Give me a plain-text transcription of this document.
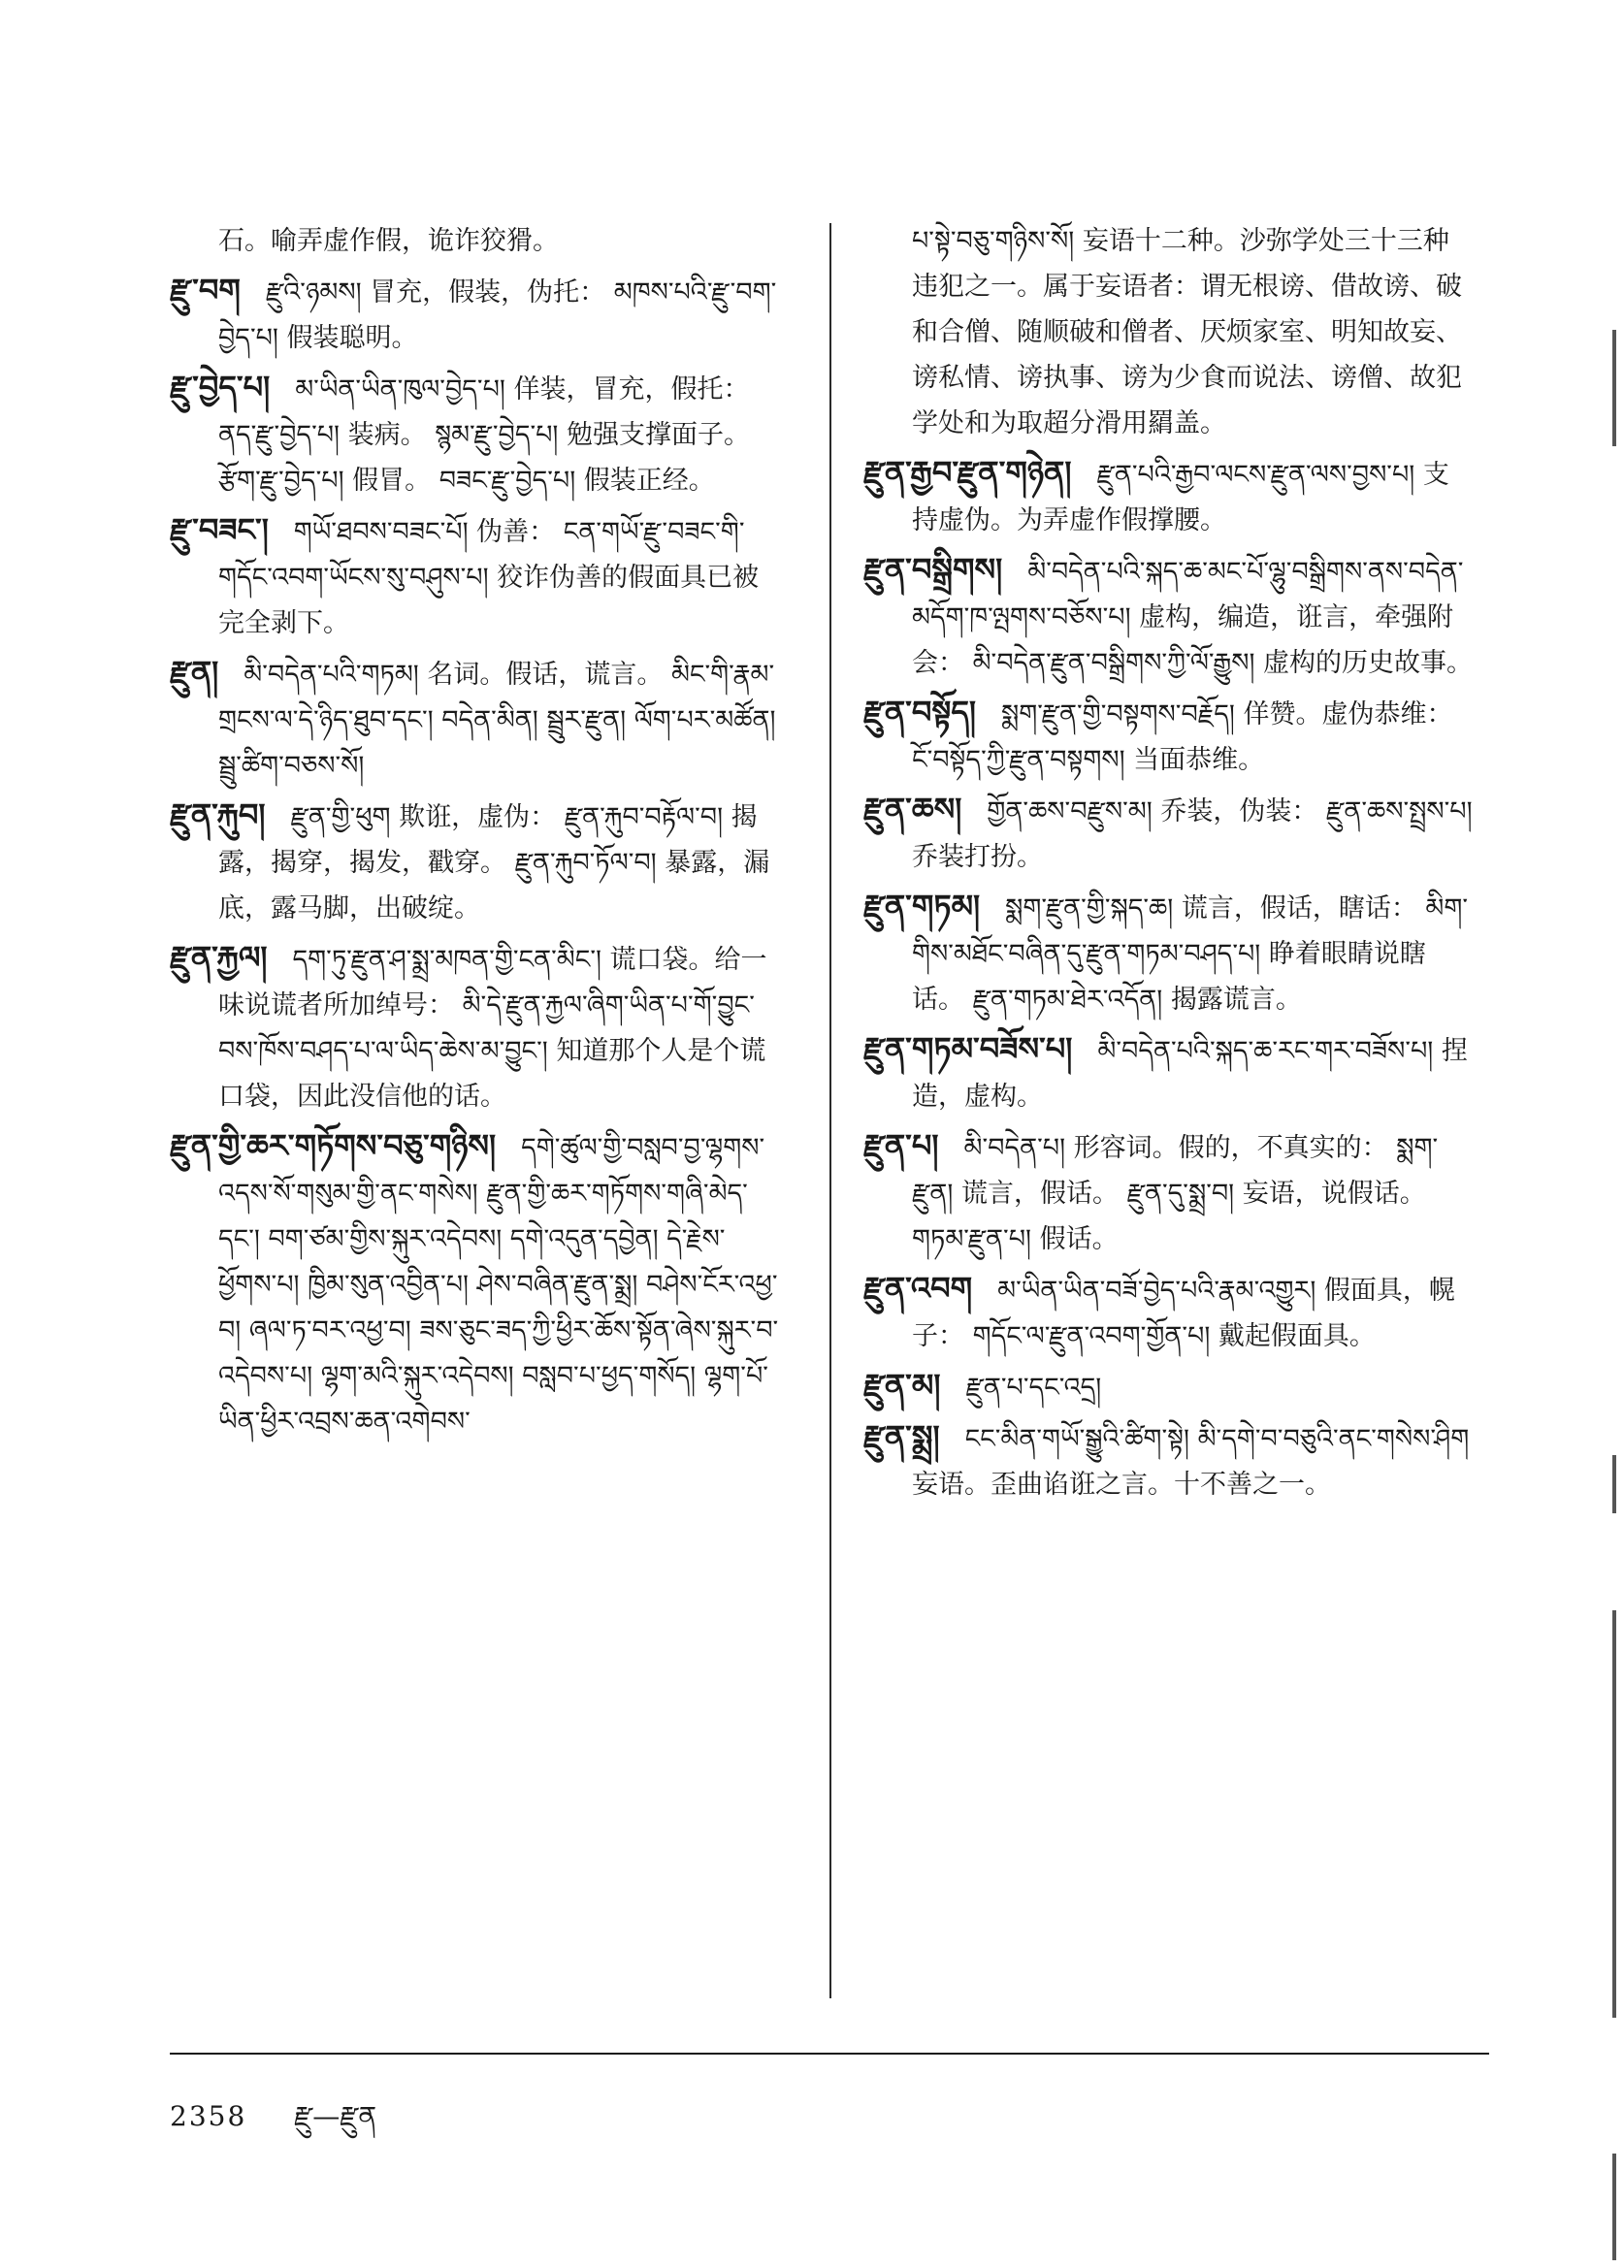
石。喻弄虚作假，诡诈狡猾。
རྫུ་བག རྫུའི་ཉམས། 冒充，假装，伪托： མཁས་པའི་རྫུ་བག་བྱེད་པ། 假装聪明。
རྫུ་བྱེད་པ། མ་ཡིན་ཡིན་ཁུལ་བྱེད་པ། 佯装，冒充，假托： ནད་རྫུ་བྱེད་པ། 装病。 སྙམ་རྫུ་བྱེད་པ། 勉强支撑面子。 རྩོག་རྫུ་བྱེད་པ། 假冒。 བཟང་རྫུ་བྱེད་པ། 假装正经。
རྫུ་བཟང་། གཡོ་ཐབས་བཟང་པོ། 伪善： ངན་གཡོ་རྫུ་བཟང་གི་གདོང་འབག་ཡོངས་སུ་བཤུས་པ། 狡诈伪善的假面具已被完全剥下。
རྫུན། མི་བདེན་པའི་གཏམ། 名词。假话，谎言。 མིང་གི་རྣམ་གྲངས་ལ་དེ་ཉིད་ཐུབ་དང་། བདེན་མིན། སྦྲུར་རྫུན། ལོག་པར་མཚོན། སྦྲུ་ཚིག་བཅས་སོ།
རྫུན་རྐུབ། རྫུན་གྱི་ཕུག 欺诳，虚伪： རྫུན་རྐུབ་བརྟོལ་བ། 揭露，揭穿，揭发，戳穿。 རྫུན་རྐུབ་ཏོལ་བ། 暴露，漏底，露马脚，出破绽。
རྫུན་རྐྱལ། དག་ཏུ་རྫུན་ཤ་སྨྲ་མཁན་གྱི་ངན་མིང་། 谎口袋。给一味说谎者所加绰号： མི་དེ་རྫུན་རྐྱལ་ཞིག་ཡིན་པ་གོ་བྱུང་བས་ཁོས་བཤད་པ་ལ་ཡིད་ཆེས་མ་བྱུང་། 知道那个人是个谎口袋，因此没信他的话。
རྫུན་གྱི་ཆར་གཏོགས་བཅུ་གཉིས། དགེ་ཚུལ་གྱི་བསླབ་བྱ་ལྷགས་འདས་སོ་གསུམ་གྱི་ནང་གསེས། རྫུན་གྱི་ཆར་གཏོགས་གཞི་མེད་དང་། བག་ཙམ་གྱིས་སྐུར་འདེབས། དགེ་འདུན་དབྱེན། དེ་རྗེས་ཕྱོགས་པ། ཁྱིམ་སུན་འབྱིན་པ། ཤེས་བཞིན་རྫུན་སྨྲ། བཤེས་ངོར་འཕྱ་བ། ཞལ་ཏ་བར་འཕྱ་བ། ཟས་ཅུང་ཟད་ཀྱི་ཕྱིར་ཆོས་སྟོན་ཞེས་སྐུར་བ་འདེབས་པ། ལྷག་མའི་སྐུར་འདེབས། བསླབ་པ་ཕྱད་གསོད། ལྷག་པོ་ཡིན་ཕྱིར་འབྲས་ཆན་འགེབས་
པ་སྟེ་བཅུ་གཉིས་སོ། 妄语十二种。沙弥学处三十三种违犯之一。属于妄语者：谓无根谤、借故谤、破和合僧、随顺破和僧者、厌烦家室、明知故妄、谤私情、谤执事、谤为少食而说法、谤僧、故犯学处和为取超分滑用羂盖。
རྫུན་རྒྱབ་རྫུན་གཉེན། རྫུན་པའི་རྒྱབ་ལངས་རྫུན་ལས་བྱས་པ། 支持虚伪。为弄虚作假撑腰。
རྫུན་བསྒྲིགས། མི་བདེན་པའི་སྐད་ཆ་མང་པོ་ལྷུ་བསྒྲིགས་ནས་བདེན་མདོག་ཁ་ལྤགས་བཅོས་པ། 虚构，编造，诳言，牵强附会： མི་བདེན་རྫུན་བསྒྲིགས་ཀྱི་ལོ་རྒྱུས། 虚构的历史故事。
རྫུན་བསྟོད། སྨག་རྫུན་གྱི་བསྟགས་བརྗོད། 佯赞。虚伪恭维： ངོ་བསྟོད་ཀྱི་རྫུན་བསྟགས། 当面恭维。
རྫུན་ཆས། གྱོན་ཆས་བརྫུས་མ། 乔装，伪装： རྫུན་ཆས་སྤྲས་པ། 乔装打扮。
རྫུན་གཏམ། སྨག་རྫུན་གྱི་སྐད་ཆ། 谎言，假话，瞎话： མིག་གིས་མཐོང་བཞིན་དུ་རྫུན་གཏམ་བཤད་པ། 睁着眼睛说瞎话。 རྫུན་གཏམ་ཐེར་འདོན། 揭露谎言。
རྫུན་གཏམ་བཟོས་པ། མི་བདེན་པའི་སྐད་ཆ་རང་གར་བཟོས་པ། 捏造，虚构。
རྫུན་པ། མི་བདེན་པ། 形容词。假的，不真实的： སྨག་རྫུན། 谎言，假话。 རྫུན་དུ་སྨྲ་བ། 妄语，说假话。 གཏམ་རྫུན་པ། 假话。
རྫུན་འབག མ་ཡིན་ཡིན་བཟོ་བྱེད་པའི་རྣམ་འགྱུར། 假面具，幌子： གདོང་ལ་རྫུན་འབག་གྱོན་པ། 戴起假面具。
རྫུན་མ། རྫུན་པ་དང་འདྲ།
རྫུན་སྨྲ། ངང་མིན་གཡོ་སྒྱུའི་ཚིག་སྟེ། མི་དགེ་བ་བཅུའི་ནང་གསེས་ཤིག 妄语。歪曲谄诳之言。十不善之一。
2358 རྫུ—རྫུན
